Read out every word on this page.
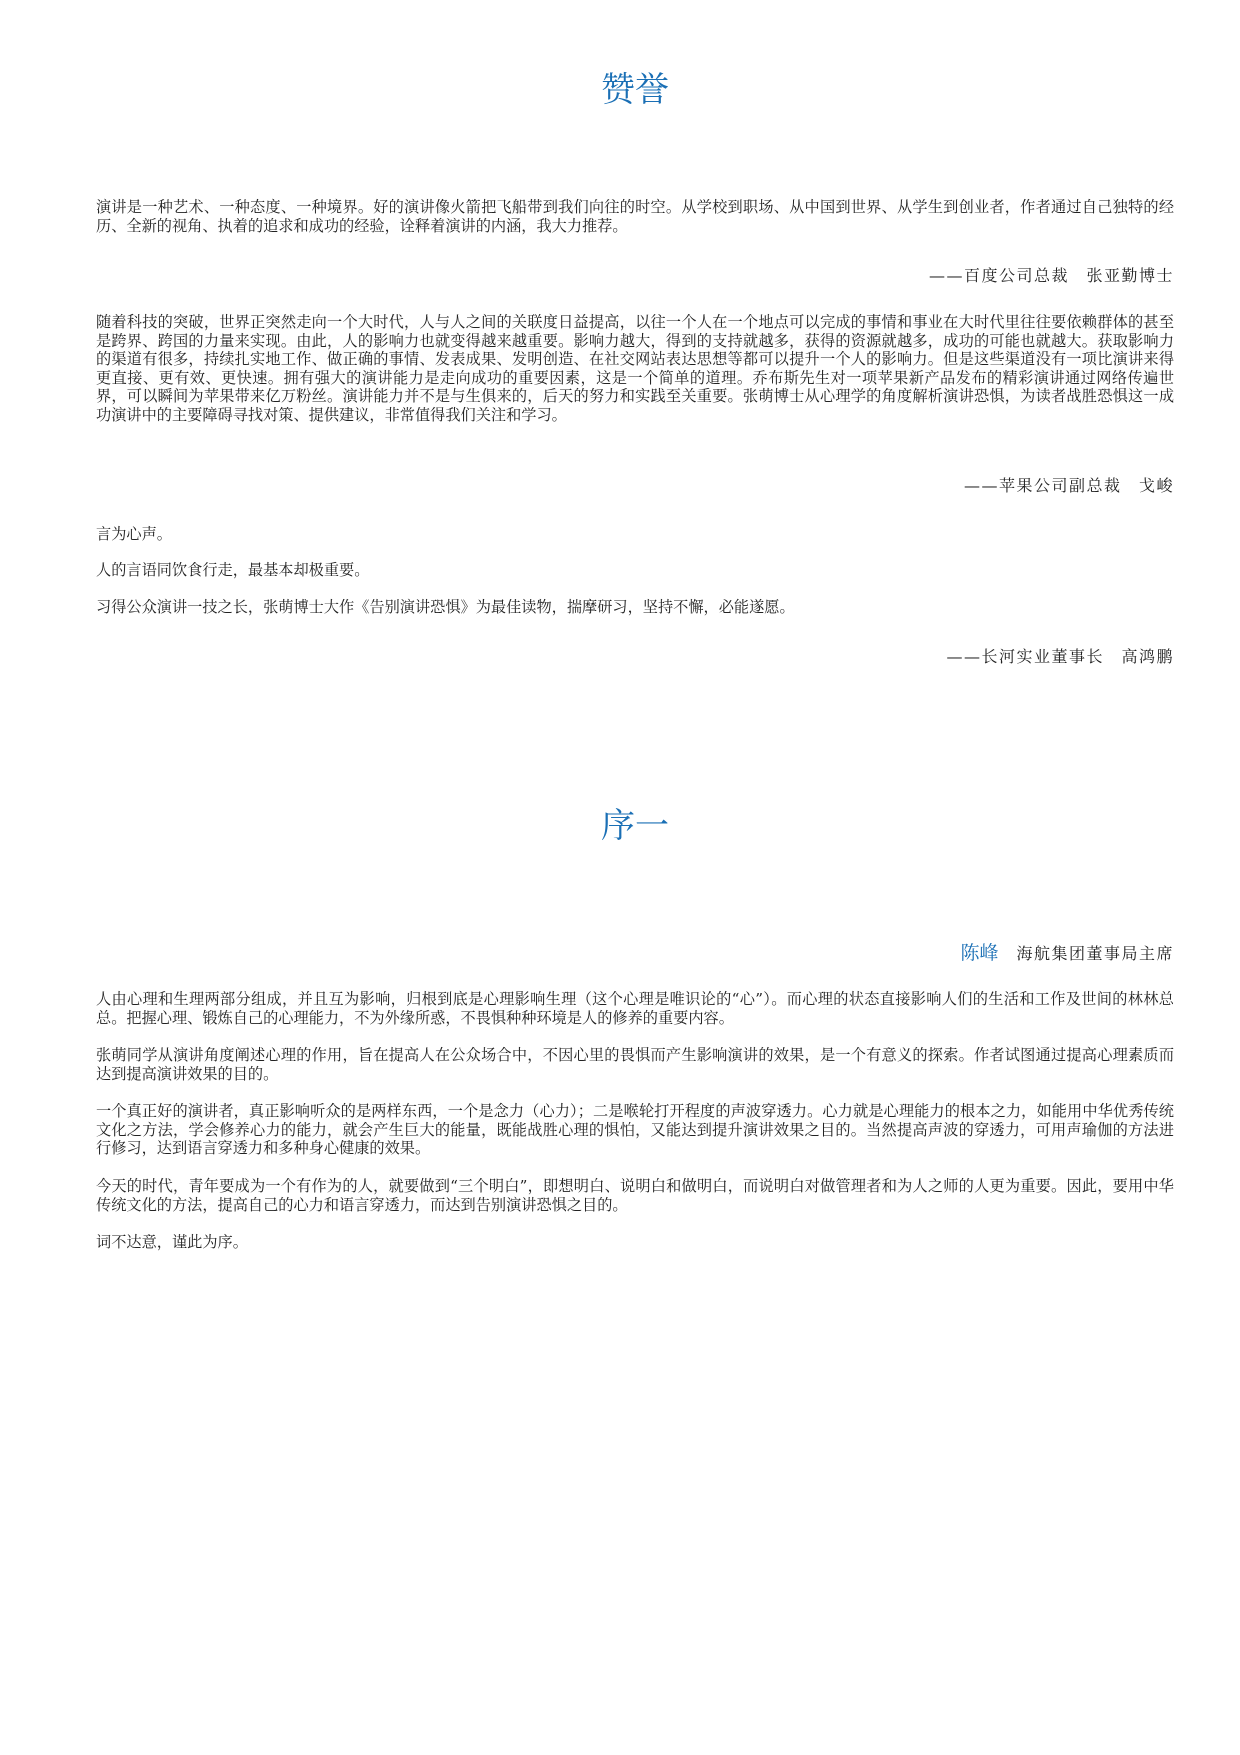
赞誉

演讲是一种艺术、一种态度、一种境界。好的演讲像火箭把飞船带到我们向往的时空。从学校到职场、从中国到世界、从学生到创业者，作者通过自己独特的经历、全新的视角、执着的追求和成功的经验，诠释着演讲的内涵，我大力推荐。

——百度公司总裁　张亚勤博士

随着科技的突破，世界正突然走向一个大时代，人与人之间的关联度日益提高，以往一个人在一个地点可以完成的事情和事业在大时代里往往要依赖群体的甚至是跨界、跨国的力量来实现。由此，人的影响力也就变得越来越重要。影响力越大，得到的支持就越多，获得的资源就越多，成功的可能也就越大。获取影响力的渠道有很多，持续扎实地工作、做正确的事情、发表成果、发明创造、在社交网站表达思想等都可以提升一个人的影响力。但是这些渠道没有一项比演讲来得更直接、更有效、更快速。拥有强大的演讲能力是走向成功的重要因素，这是一个简单的道理。乔布斯先生对一项苹果新产品发布的精彩演讲通过网络传遍世界，可以瞬间为苹果带来亿万粉丝。演讲能力并不是与生俱来的，后天的努力和实践至关重要。张萌博士从心理学的角度解析演讲恐惧，为读者战胜恐惧这一成功演讲中的主要障碍寻找对策、提供建议，非常值得我们关注和学习。

——苹果公司副总裁　戈峻

言为心声。

人的言语同饮食行走，最基本却极重要。

习得公众演讲一技之长，张萌博士大作《告别演讲恐惧》为最佳读物，揣摩研习，坚持不懈，必能遂愿。

——长河实业董事长　高鸿鹏

序一

陈峰 海航集团董事局主席

人由心理和生理两部分组成，并且互为影响，归根到底是心理影响生理（这个心理是唯识论的“心”）。而心理的状态直接影响人们的生活和工作及世间的林林总总。把握心理、锻炼自己的心理能力，不为外缘所惑，不畏惧种种环境是人的修养的重要内容。

张萌同学从演讲角度阐述心理的作用，旨在提高人在公众场合中，不因心里的畏惧而产生影响演讲的效果，是一个有意义的探索。作者试图通过提高心理素质而达到提高演讲效果的目的。

一个真正好的演讲者，真正影响听众的是两样东西，一个是念力（心力）；二是喉轮打开程度的声波穿透力。心力就是心理能力的根本之力，如能用中华优秀传统文化之方法，学会修养心力的能力，就会产生巨大的能量，既能战胜心理的惧怕，又能达到提升演讲效果之目的。当然提高声波的穿透力，可用声瑜伽的方法进行修习，达到语言穿透力和多种身心健康的效果。

今天的时代，青年要成为一个有作为的人，就要做到“三个明白”，即想明白、说明白和做明白，而说明白对做管理者和为人之师的人更为重要。因此，要用中华传统文化的方法，提高自己的心力和语言穿透力，而达到告别演讲恐惧之目的。

词不达意，谨此为序。
